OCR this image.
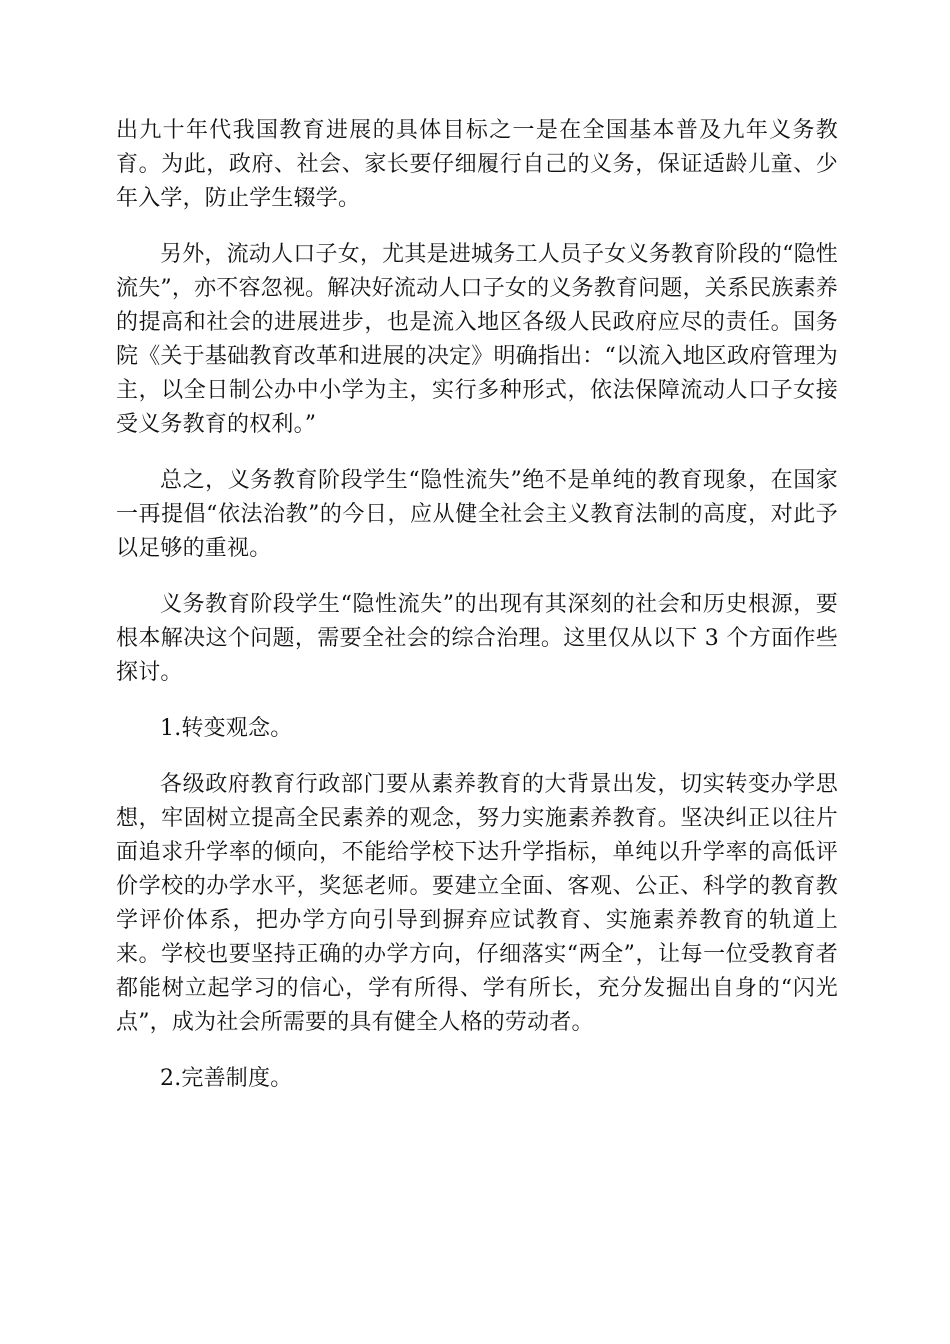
出九十年代我国教育进展的具体目标之一是在全国基本普及九年义务教育。为此，政府、社会、家长要仔细履行自己的义务，保证适龄儿童、少年入学，防止学生辍学。

另外，流动人口子女，尤其是进城务工人员子女义务教育阶段的“隐性流失”，亦不容忽视。解决好流动人口子女的义务教育问题，关系民族素养的提高和社会的进展进步，也是流入地区各级人民政府应尽的责任。国务院《关于基础教育改革和进展的决定》明确指出：“以流入地区政府管理为主，以全日制公办中小学为主，实行多种形式，依法保障流动人口子女接受义务教育的权利。”

总之，义务教育阶段学生“隐性流失”绝不是单纯的教育现象，在国家一再提倡“依法治教”的今日，应从健全社会主义教育法制的高度，对此予以足够的重视。

义务教育阶段学生“隐性流失”的出现有其深刻的社会和历史根源，要根本解决这个问题，需要全社会的综合治理。这里仅从以下 3 个方面作些探讨。

1.转变观念。

各级政府教育行政部门要从素养教育的大背景出发，切实转变办学思想，牢固树立提高全民素养的观念，努力实施素养教育。坚决纠正以往片面追求升学率的倾向，不能给学校下达升学指标，单纯以升学率的高低评价学校的办学水平，奖惩老师。要建立全面、客观、公正、科学的教育教学评价体系，把办学方向引导到摒弃应试教育、实施素养教育的轨道上来。学校也要坚持正确的办学方向，仔细落实“两全”，让每一位受教育者都能树立起学习的信心，学有所得、学有所长，充分发掘出自身的“闪光点”，成为社会所需要的具有健全人格的劳动者。

2.完善制度。
